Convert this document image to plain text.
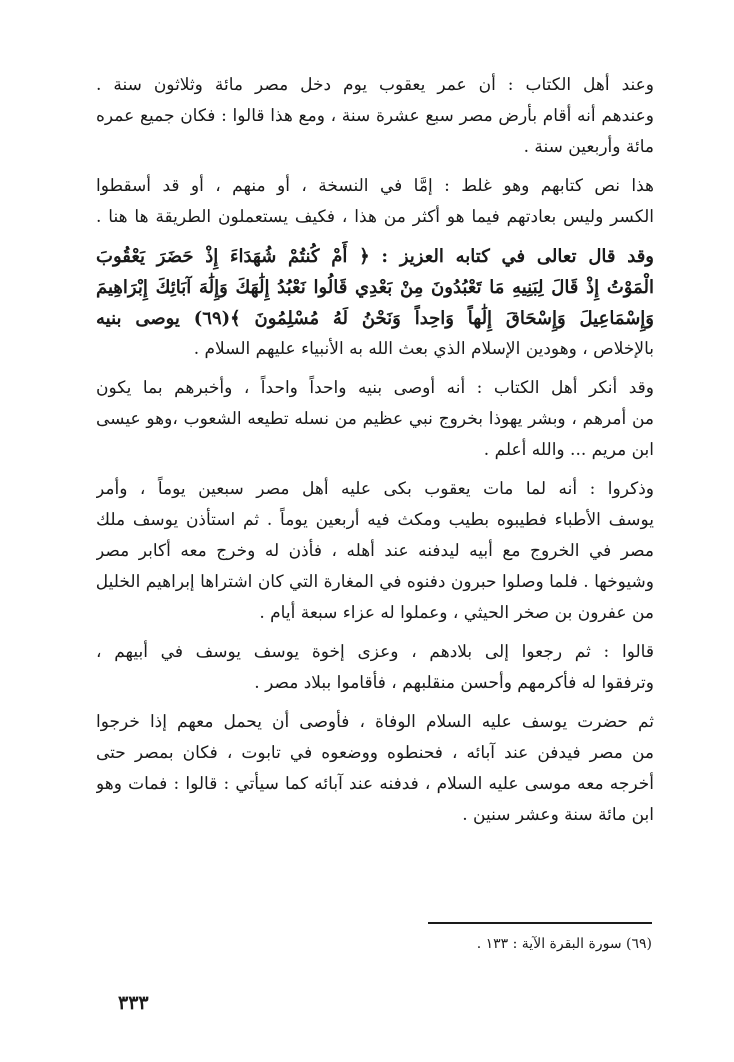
وعند أهل الكتاب : أن عمر يعقوب يوم دخل مصر مائة وثلاثون سنة .
وعندهم أنه أقام بأرض مصر سبع عشرة سنة ، ومع هذا قالوا : فكان جميع عمره
مائة وأربعين سنة .
هذا نص كتابهم وهو غلط : إمَّا في النسخة ، أو منهم ، أو قد أسقطوا
الكسر وليس بعادتهم فيما هو أكثر من هذا ، فكيف يستعملون الطريقة ها هنا .
وقد قال تعالى في كتابه العزيز : ﴿ أَمْ كُنتُمْ شُهَدَاءَ إِذْ حَضَرَ يَعْقُوبَ
الْمَوْتُ إِذْ قَالَ لِبَنِيهِ مَا تَعْبُدُونَ مِنْ بَعْدِي قَالُوا نَعْبُدُ إِلَٰهَكَ وَإِلَٰهَ آبَائِكَ إِبْرَاهِيمَ
وَإِسْمَاعِيلَ وَإِسْحَاقَ إِلَٰهاً وَاحِداً وَنَحْنُ لَهُ مُسْلِمُونَ ﴾(٦٩) يوصى بنيه
بالإخلاص ، وهودين الإسلام الذي بعث الله به الأنبياء عليهم السلام .
وقد أنكر أهل الكتاب : أنه أوصى بنيه واحداً واحداً ، وأخبرهم بما يكون
من أمرهم ، وبشر يهوذا بخروج نبي عظيم من نسله تطيعه الشعوب ،وهو عيسى
ابن مريم ... والله أعلم .
وذكروا : أنه لما مات يعقوب بكى عليه أهل مصر سبعين يوماً ، وأمر
يوسف الأطباء فطيبوه بطيب ومكث فيه أربعين يوماً . ثم استأذن يوسف ملك
مصر في الخروج مع أبيه ليدفنه عند أهله ، فأذن له وخرج معه أكابر مصر
وشيوخها . فلما وصلوا حبرون دفنوه في المغارة التي كان اشتراها إبراهيم الخليل
من عفرون بن صخر الحيثي ، وعملوا له عزاء سبعة أيام .
قالوا : ثم رجعوا إلى بلادهم ، وعزى إخوة يوسف يوسف في أبيهم ،
وترفقوا له فأكرمهم وأحسن منقلبهم ، فأقاموا ببلاد مصر .
ثم حضرت يوسف عليه السلام الوفاة ، فأوصى أن يحمل معهم إذا خرجوا
من مصر فيدفن عند آبائه ، فحنطوه ووضعوه في تابوت ، فكان بمصر حتى
أخرجه معه موسى عليه السلام ، فدفنه عند آبائه كما سيأتي : قالوا : فمات وهو
ابن مائة سنة وعشر سنين .
(٦٩) سورة البقرة الآية : ١٣٣ .
٣٣٣
